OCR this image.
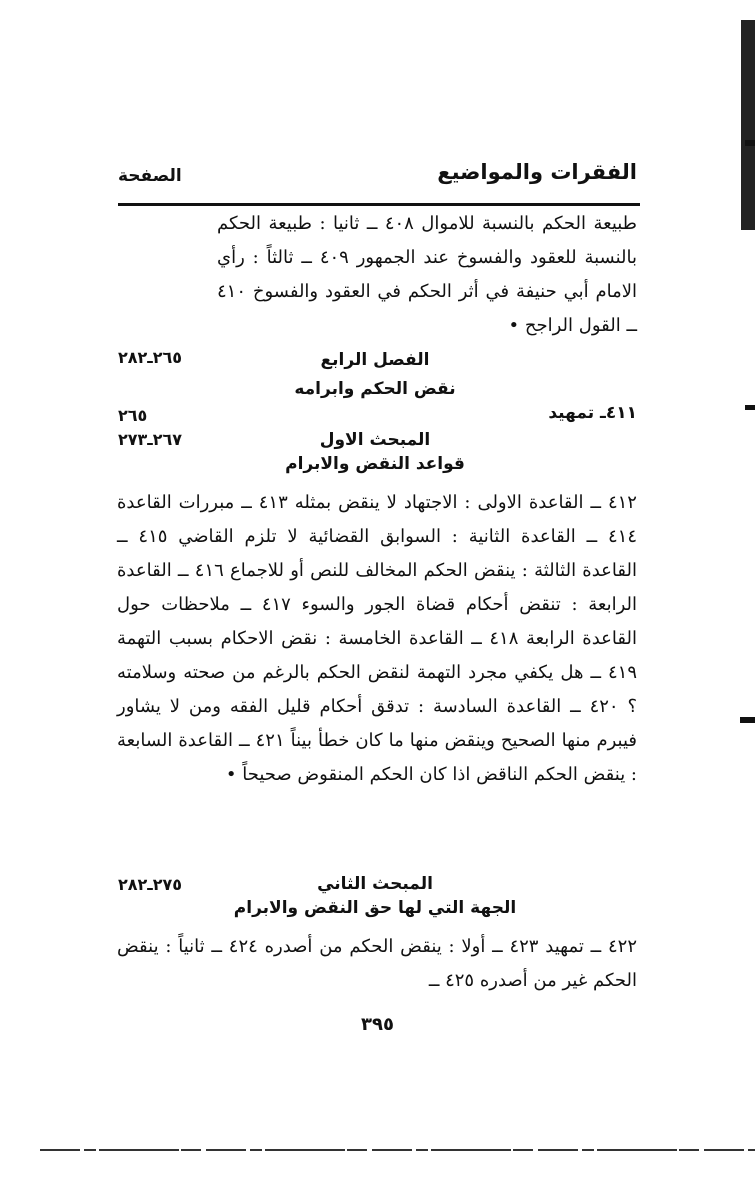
الفقرات والمواضيع
الصفحة
طبيعة الحكم بالنسبة للاموال ٤٠٨ ــ ثانيا : طبيعة الحكم بالنسبة للعقود والفسوخ عند الجمهور ٤٠٩ ــ ثالثاً : رأي الامام أبي حنيفة في أثر الحكم في العقود والفسوخ ٤١٠ ــ القول الراجح •
الفصل الرابع
٢٦٥ـ٢٨٢
نقض الحكم وابرامه
٤١١ـ تمهيد
٢٦٥
المبحث الاول
٢٦٧ـ٢٧٣
قواعد النقض والابرام
٤١٢ ــ القاعدة الاولى : الاجتهاد لا ينقض بمثله ٤١٣ ــ مبررات القاعدة ٤١٤ ــ القاعدة الثانية : السوابق القضائية لا تلزم القاضي ٤١٥ ــ القاعدة الثالثة : ينقض الحكم المخالف للنص أو للاجماع ٤١٦ ــ القاعدة الرابعة : تنقض أحكام قضاة الجور والسوء ٤١٧ ــ ملاحظات حول القاعدة الرابعة ٤١٨ ــ القاعدة الخامسة : نقض الاحكام بسبب التهمة ٤١٩ ــ هل يكفي مجرد التهمة لنقض الحكم بالرغم من صحته وسلامته ؟ ٤٢٠ ــ القاعدة السادسة : تدقق أحكام قليل الفقه ومن لا يشاور فيبرم منها الصحيح وينقض منها ما كان خطأ بيناً ٤٢١ ــ القاعدة السابعة : ينقض الحكم الناقض اذا كان الحكم المنقوض صحيحاً •
المبحث الثاني
٢٧٥ـ٢٨٢
الجهة التي لها حق النقض والابرام
٤٢٢ ــ تمهيد ٤٢٣ ــ أولا : ينقض الحكم من أصدره ٤٢٤ ــ ثانياً : ينقض الحكم غير من أصدره ٤٢٥ ــ
٣٩٥
